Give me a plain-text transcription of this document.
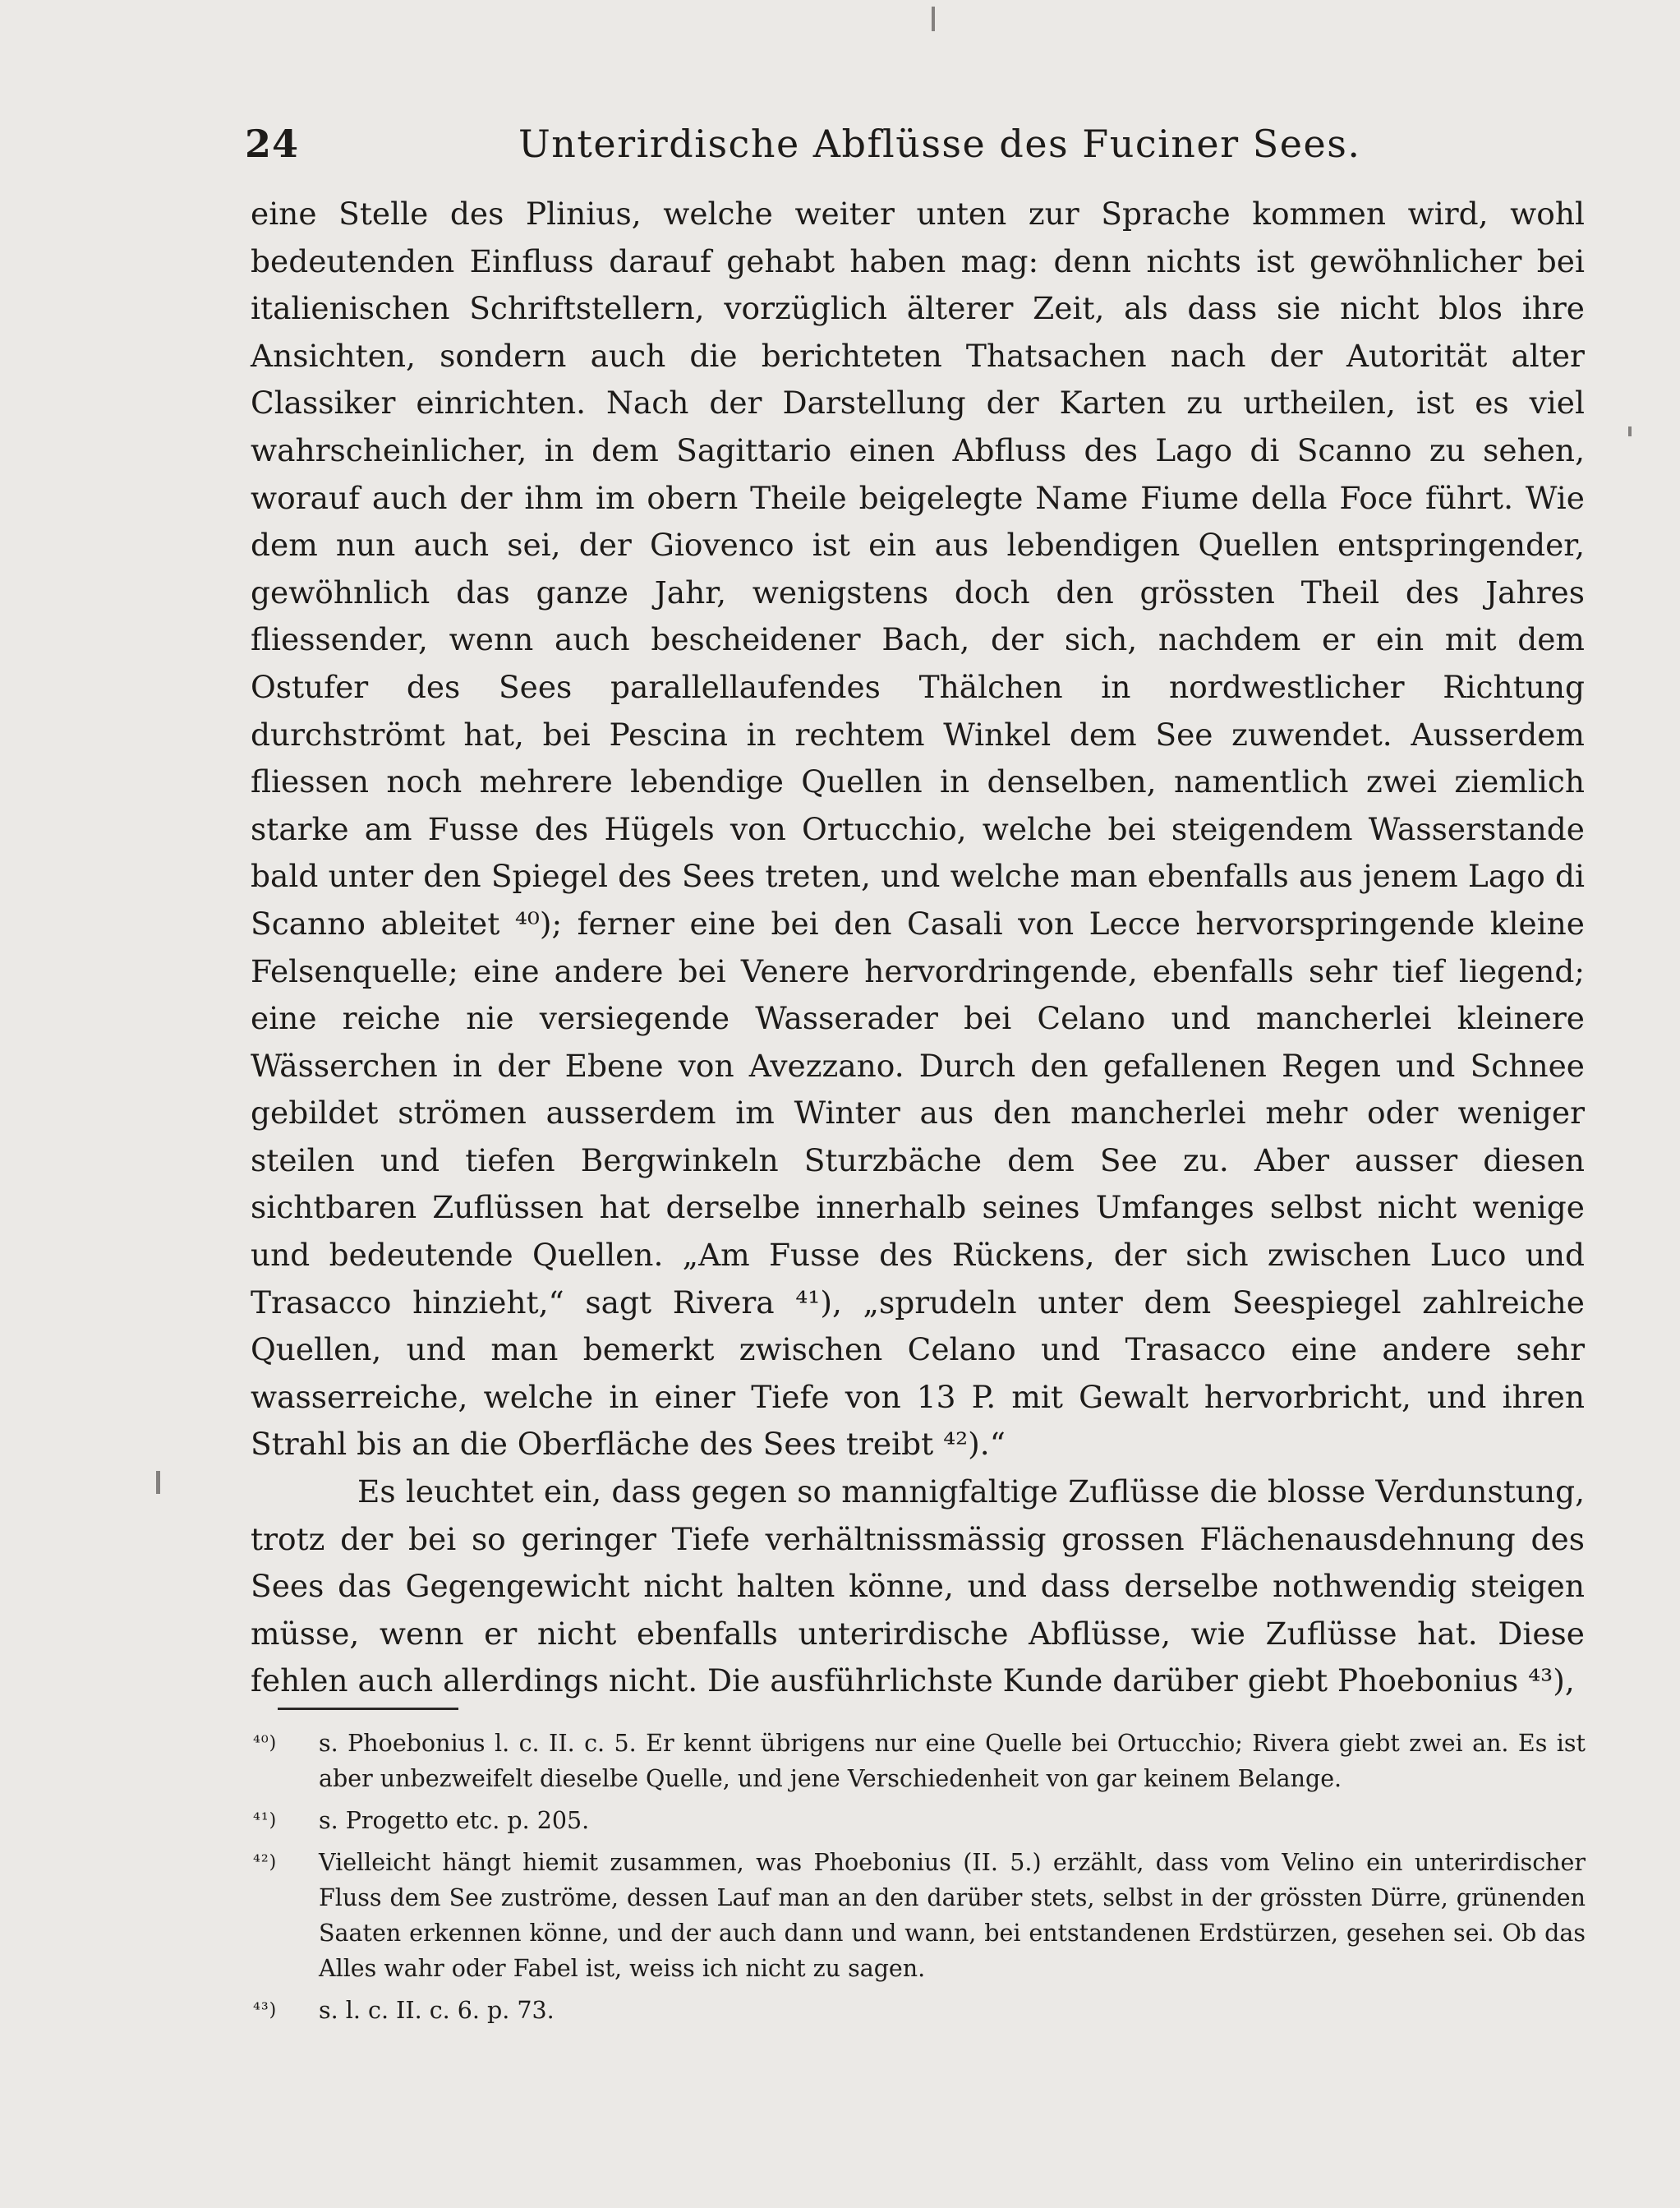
24	Unterirdische Abflüsse des Fuciner Sees.

eine Stelle des Plinius, welche weiter unten zur Sprache kommen wird, wohl bedeutenden Einfluss darauf gehabt haben mag: denn nichts ist gewöhnlicher bei italienischen Schriftstellern, vorzüglich älterer Zeit, als dass sie nicht blos ihre Ansichten, sondern auch die berichteten Thatsachen nach der Autorität alter Classiker einrichten. Nach der Darstellung der Karten zu urtheilen, ist es viel wahrscheinlicher, in dem Sagittario einen Abfluss des Lago di Scanno zu sehen, worauf auch der ihm im obern Theile beigelegte Name Fiume della Foce führt. Wie dem nun auch sei, der Giovenco ist ein aus lebendigen Quellen entspringender, gewöhnlich das ganze Jahr, wenigstens doch den grössten Theil des Jahres fliessender, wenn auch bescheidener Bach, der sich, nachdem er ein mit dem Ostufer des Sees parallellaufendes Thälchen in nordwestlicher Richtung durchströmt hat, bei Pescina in rechtem Winkel dem See zuwendet. Ausserdem fliessen noch mehrere lebendige Quellen in denselben, namentlich zwei ziemlich starke am Fusse des Hügels von Ortucchio, welche bei steigendem Wasserstande bald unter den Spiegel des Sees treten, und welche man ebenfalls aus jenem Lago di Scanno ableitet ⁴⁰); ferner eine bei den Casali von Lecce hervorspringende kleine Felsenquelle; eine andere bei Venere hervordringende, ebenfalls sehr tief liegend; eine reiche nie versiegende Wasserader bei Celano und mancherlei kleinere Wässerchen in der Ebene von Avezzano. Durch den gefallenen Regen und Schnee gebildet strömen ausserdem im Winter aus den mancherlei mehr oder weniger steilen und tiefen Bergwinkeln Sturzbäche dem See zu. Aber ausser diesen sichtbaren Zuflüssen hat derselbe innerhalb seines Umfanges selbst nicht wenige und bedeutende Quellen. „Am Fusse des Rückens, der sich zwischen Luco und Trasacco hinzieht,“ sagt Rivera ⁴¹), „sprudeln unter dem Seespiegel zahlreiche Quellen, und man bemerkt zwischen Celano und Trasacco eine andere sehr wasserreiche, welche in einer Tiefe von 13 P. mit Gewalt hervorbricht, und ihren Strahl bis an die Oberfläche des Sees treibt ⁴²).“

Es leuchtet ein, dass gegen so mannigfaltige Zuflüsse die blosse Verdunstung, trotz der bei so geringer Tiefe verhältnissmässig grossen Flächenausdehnung des Sees das Gegengewicht nicht halten könne, und dass derselbe nothwendig steigen müsse, wenn er nicht ebenfalls unterirdische Abflüsse, wie Zuflüsse hat. Diese fehlen auch allerdings nicht. Die ausführlichste Kunde darüber giebt Phoebonius ⁴³),

⁴⁰)	s. Phoebonius l. c. II. c. 5. Er kennt übrigens nur eine Quelle bei Ortucchio; Rivera giebt zwei an. Es ist aber unbezweifelt dieselbe Quelle, und jene Verschiedenheit von gar keinem Belange.
⁴¹)	s. Progetto etc. p. 205.
⁴²)	Vielleicht hängt hiemit zusammen, was Phoebonius (II. 5.) erzählt, dass vom Velino ein unterirdischer Fluss dem See zuströme, dessen Lauf man an den darüber stets, selbst in der grössten Dürre, grünenden Saaten erkennen könne, und der auch dann und wann, bei entstandenen Erdstürzen, gesehen sei. Ob das Alles wahr oder Fabel ist, weiss ich nicht zu sagen.
⁴³)	s. l. c. II. c. 6. p. 73.
